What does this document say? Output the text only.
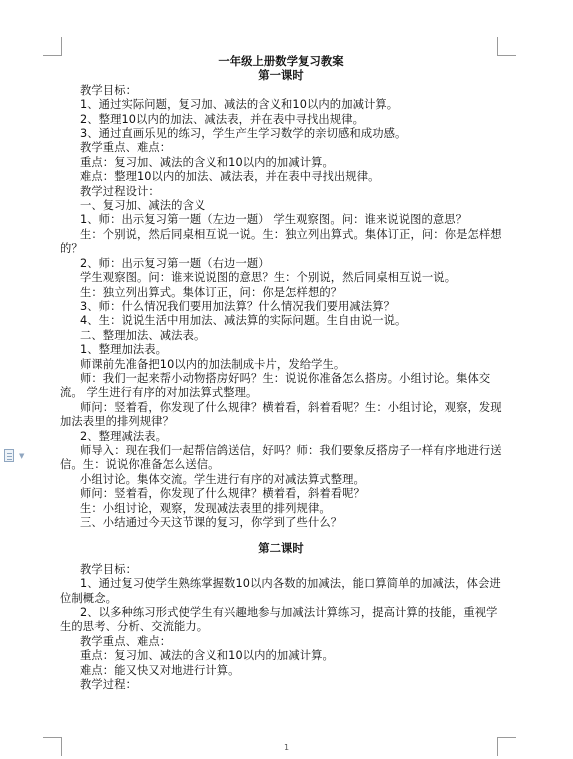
▼
一年级上册数学复习教案
第一课时
教学目标：
1、通过实际问题，复习加、减法的含义和10以内的加减计算。
2、整理10以内的加法、减法表，并在表中寻找出规律。
3、通过直画乐见的练习，学生产生学习数学的亲切感和成功感。
教学重点、难点：
重点：复习加、减法的含义和10以内的加减计算。
难点：整理10以内的加法、减法表，并在表中寻找出规律。
教学过程设计：
一、复习加、减法的含义
1、师：出示复习第一题（左边一题） 学生观察图。问：谁来说说图的意思？
生：个别说，然后同桌相互说一说。生：独立列出算式。集体订正，问：你是怎样想的？
2、师：出示复习第一题（右边一题）
学生观察图。问：谁来说说图的意思？生：个别说，然后同桌相互说一说。
生：独立列出算式。集体订正，问：你是怎样想的？
3、师：什么情况我们要用加法算？什么情况我们要用减法算？
4、生：说说生活中用加法、减法算的实际问题。生自由说一说。
二、整理加法、减法表。
1、整理加法表。
师课前先准备把10以内的加法制成卡片，发给学生。
师：我们一起来帮小动物搭房好吗？生：说说你准备怎么搭房。小组讨论。集体交流。 学生进行有序的对加法算式整理。
师问：竖着看，你发现了什么规律？横着看，斜着看呢？生：小组讨论，观察，发现加法表里的排列规律？
2、整理减法表。
师导入：现在我们一起帮信鸽送信，好吗？师：我们要象反搭房子一样有序地进行送信。生：说说你准备怎么送信。
小组讨论。集体交流。学生进行有序的对减法算式整理。
师问：竖着看，你发现了什么规律？横着看，斜着看呢？
生：小组讨论，观察，发现减法表里的排列规律。
三、小结通过今天这节课的复习，你学到了些什么？
第二课时
教学目标：
1、通过复习使学生熟练掌握数10以内各数的加减法，能口算简单的加减法，体会进位制概念。
2、以多种练习形式使学生有兴趣地参与加减法计算练习，提高计算的技能，重视学生的思考、分析、交流能力。
教学重点、难点：
重点：复习加、减法的含义和10以内的加减计算。
难点：能又快又对地进行计算。
教学过程：
1
